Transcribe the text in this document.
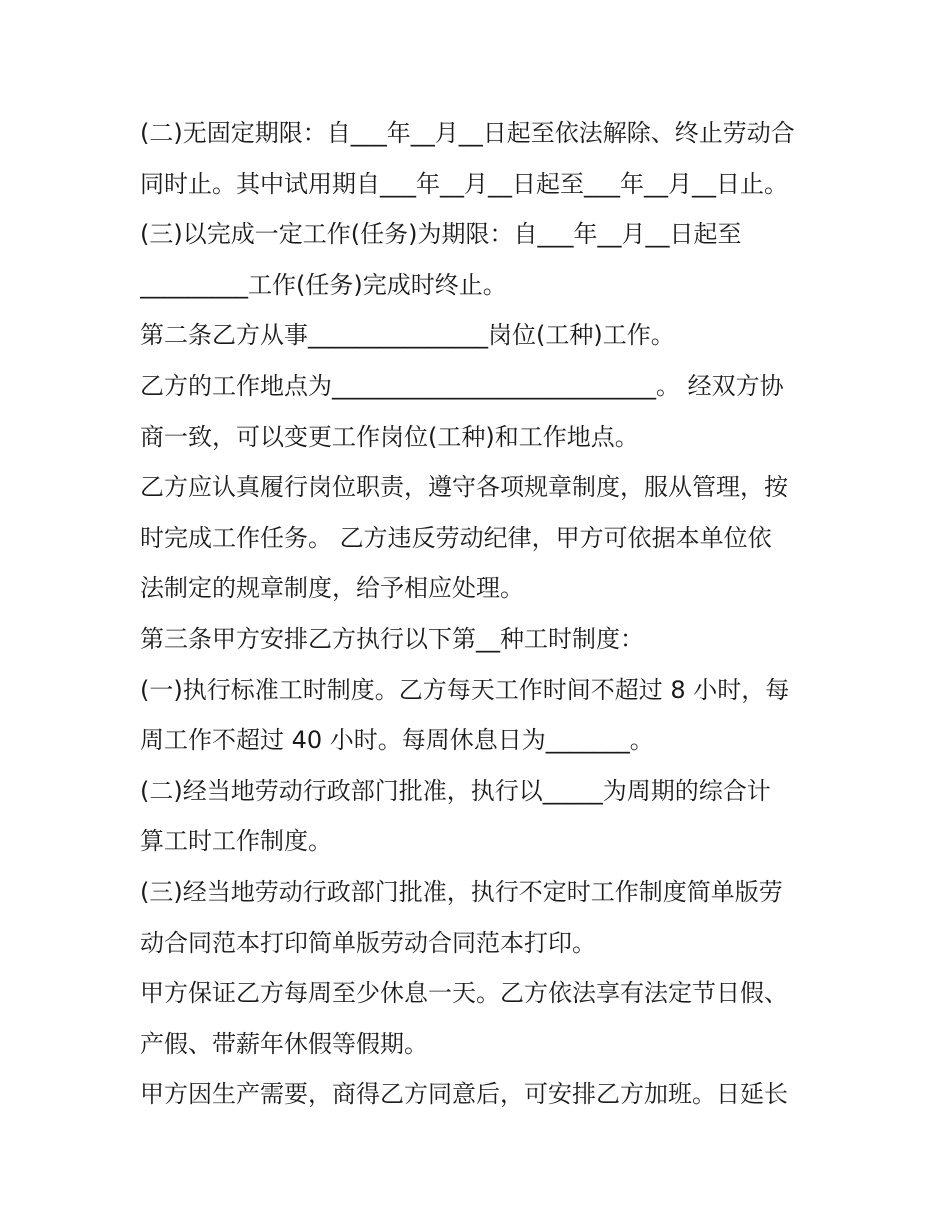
(二)无固定期限：自___年__月__日起至依法解除、终止劳动合
同时止。其中试用期自___年__月__日起至___年__月__日止。
(三)以完成一定工作(任务)为期限：自___年__月__日起至
_________工作(任务)完成时终止。
第二条乙方从事_______________岗位(工种)工作。
乙方的工作地点为___________________________。 经双方协
商一致，可以变更工作岗位(工种)和工作地点。
乙方应认真履行岗位职责，遵守各项规章制度，服从管理，按
时完成工作任务。 乙方违反劳动纪律，甲方可依据本单位依
法制定的规章制度，给予相应处理。
第三条甲方安排乙方执行以下第__种工时制度：
(一)执行标准工时制度。乙方每天工作时间不超过 8 小时，每
周工作不超过 40 小时。每周休息日为_______。
(二)经当地劳动行政部门批准，执行以_____为周期的综合计
算工时工作制度。
(三)经当地劳动行政部门批准，执行不定时工作制度简单版劳
动合同范本打印简单版劳动合同范本打印。
甲方保证乙方每周至少休息一天。乙方依法享有法定节日假、
产假、带薪年休假等假期。
甲方因生产需要，商得乙方同意后，可安排乙方加班。日延长
